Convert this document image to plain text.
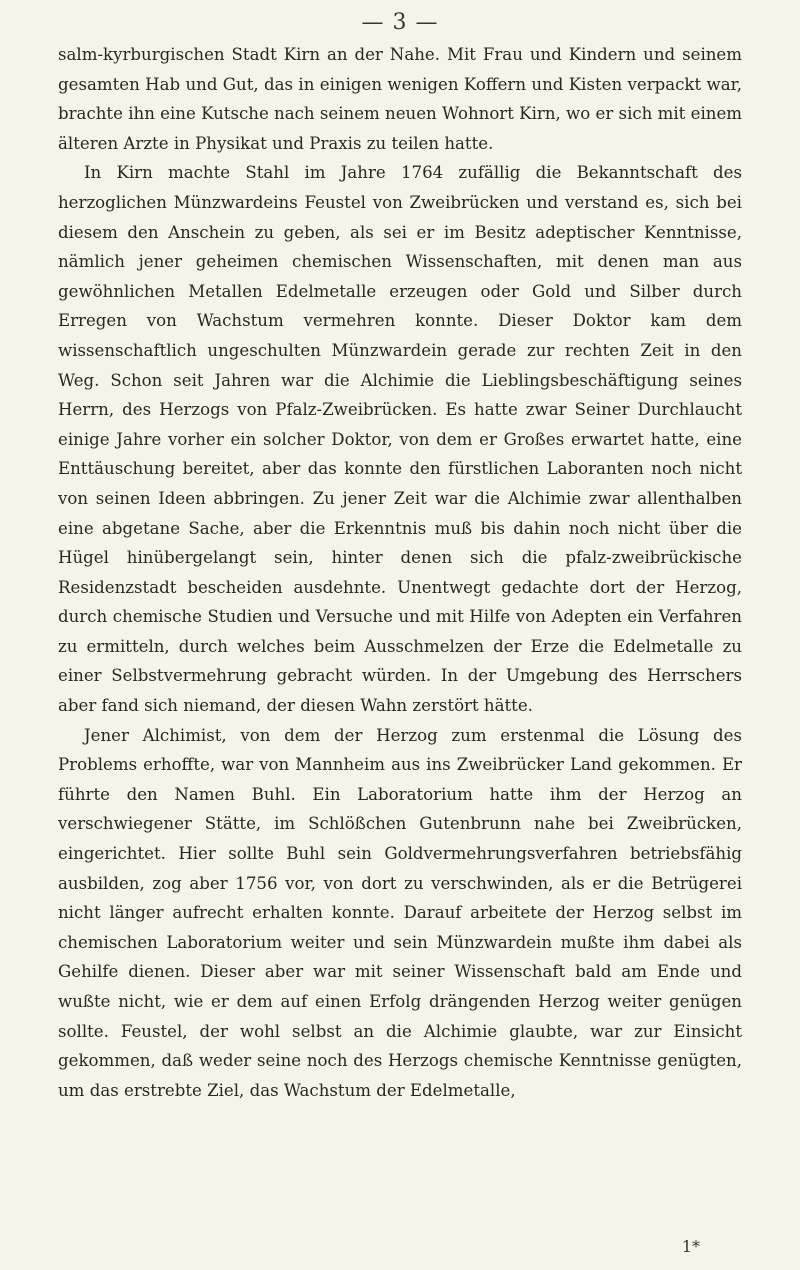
— 3 —

salm-kyrburgischen Stadt Kirn an der Nahe. Mit Frau und Kindern und seinem gesamten Hab und Gut, das in einigen wenigen Koffern und Kisten verpackt war, brachte ihn eine Kutsche nach seinem neuen Wohnort Kirn, wo er sich mit einem älteren Arzte in Physikat und Praxis zu teilen hatte.

In Kirn machte Stahl im Jahre 1764 zufällig die Bekanntschaft des herzoglichen Münzwardeins Feustel von Zweibrücken und verstand es, sich bei diesem den Anschein zu geben, als sei er im Besitz adeptischer Kenntnisse, nämlich jener geheimen chemischen Wissenschaften, mit denen man aus gewöhnlichen Metallen Edelmetalle erzeugen oder Gold und Silber durch Erregen von Wachstum vermehren konnte. Dieser Doktor kam dem wissenschaftlich ungeschulten Münzwardein gerade zur rechten Zeit in den Weg. Schon seit Jahren war die Alchimie die Lieblingsbeschäftigung seines Herrn, des Herzogs von Pfalz-Zweibrücken. Es hatte zwar Seiner Durchlaucht einige Jahre vorher ein solcher Doktor, von dem er Großes erwartet hatte, eine Enttäuschung bereitet, aber das konnte den fürstlichen Laboranten noch nicht von seinen Ideen abbringen. Zu jener Zeit war die Alchimie zwar allenthalben eine abgetane Sache, aber die Erkenntnis muß bis dahin noch nicht über die Hügel hinübergelangt sein, hinter denen sich die pfalz-zweibrückische Residenzstadt bescheiden ausdehnte. Unentwegt gedachte dort der Herzog, durch chemische Studien und Versuche und mit Hilfe von Adepten ein Verfahren zu ermitteln, durch welches beim Ausschmelzen der Erze die Edelmetalle zu einer Selbstvermehrung gebracht würden. In der Umgebung des Herrschers aber fand sich niemand, der diesen Wahn zerstört hätte.

Jener Alchimist, von dem der Herzog zum erstenmal die Lösung des Problems erhoffte, war von Mannheim aus ins Zweibrücker Land gekommen. Er führte den Namen Buhl. Ein Laboratorium hatte ihm der Herzog an verschwiegener Stätte, im Schlößchen Gutenbrunn nahe bei Zweibrücken, eingerichtet. Hier sollte Buhl sein Goldvermehrungsverfahren betriebsfähig ausbilden, zog aber 1756 vor, von dort zu verschwinden, als er die Betrügerei nicht länger aufrecht erhalten konnte. Darauf arbeitete der Herzog selbst im chemischen Laboratorium weiter und sein Münzwardein mußte ihm dabei als Gehilfe dienen. Dieser aber war mit seiner Wissenschaft bald am Ende und wußte nicht, wie er dem auf einen Erfolg drängenden Herzog weiter genügen sollte. Feustel, der wohl selbst an die Alchimie glaubte, war zur Einsicht gekommen, daß weder seine noch des Herzogs chemische Kenntnisse genügten, um das erstrebte Ziel, das Wachstum der Edelmetalle,

1*
